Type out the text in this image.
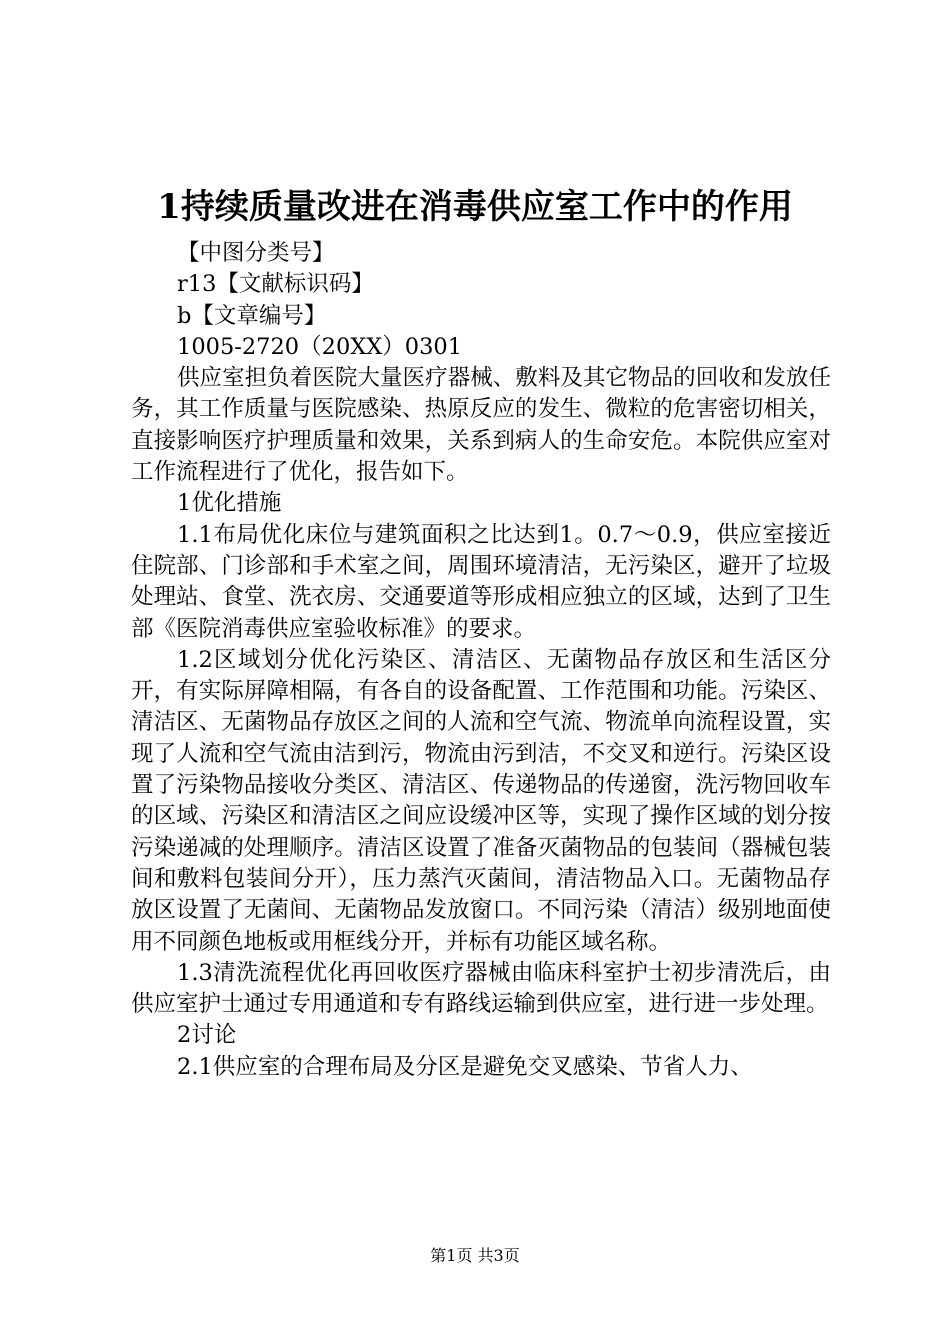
1持续质量改进在消毒供应室工作中的作用

【中图分类号】

r13【文献标识码】

b【文章编号】

1005-2720（20XX）0301

供应室担负着医院大量医疗器械、敷料及其它物品的回收和发放任务，其工作质量与医院感染、热原反应的发生、微粒的危害密切相关，直接影响医疗护理质量和效果，关系到病人的生命安危。本院供应室对工作流程进行了优化，报告如下。

1优化措施

1.1布局优化床位与建筑面积之比达到1。0.7～0.9，供应室接近住院部、门诊部和手术室之间，周围环境清洁，无污染区，避开了垃圾处理站、食堂、洗衣房、交通要道等形成相应独立的区域，达到了卫生部《医院消毒供应室验收标准》的要求。

1.2区域划分优化污染区、清洁区、无菌物品存放区和生活区分开，有实际屏障相隔，有各自的设备配置、工作范围和功能。污染区、清洁区、无菌物品存放区之间的人流和空气流、物流单向流程设置，实现了人流和空气流由洁到污，物流由污到洁，不交叉和逆行。污染区设置了污染物品接收分类区、清洁区、传递物品的传递窗，洗污物回收车的区域、污染区和清洁区之间应设缓冲区等，实现了操作区域的划分按污染递减的处理顺序。清洁区设置了准备灭菌物品的包装间（器械包装间和敷料包装间分开），压力蒸汽灭菌间，清洁物品入口。无菌物品存放区设置了无菌间、无菌物品发放窗口。不同污染（清洁）级别地面使用不同颜色地板或用框线分开，并标有功能区域名称。

1.3清洗流程优化再回收医疗器械由临床科室护士初步清洗后，由供应室护士通过专用通道和专有路线运输到供应室，进行进一步处理。

2讨论

2.1供应室的合理布局及分区是避免交叉感染、节省人力、

第1页 共3页
